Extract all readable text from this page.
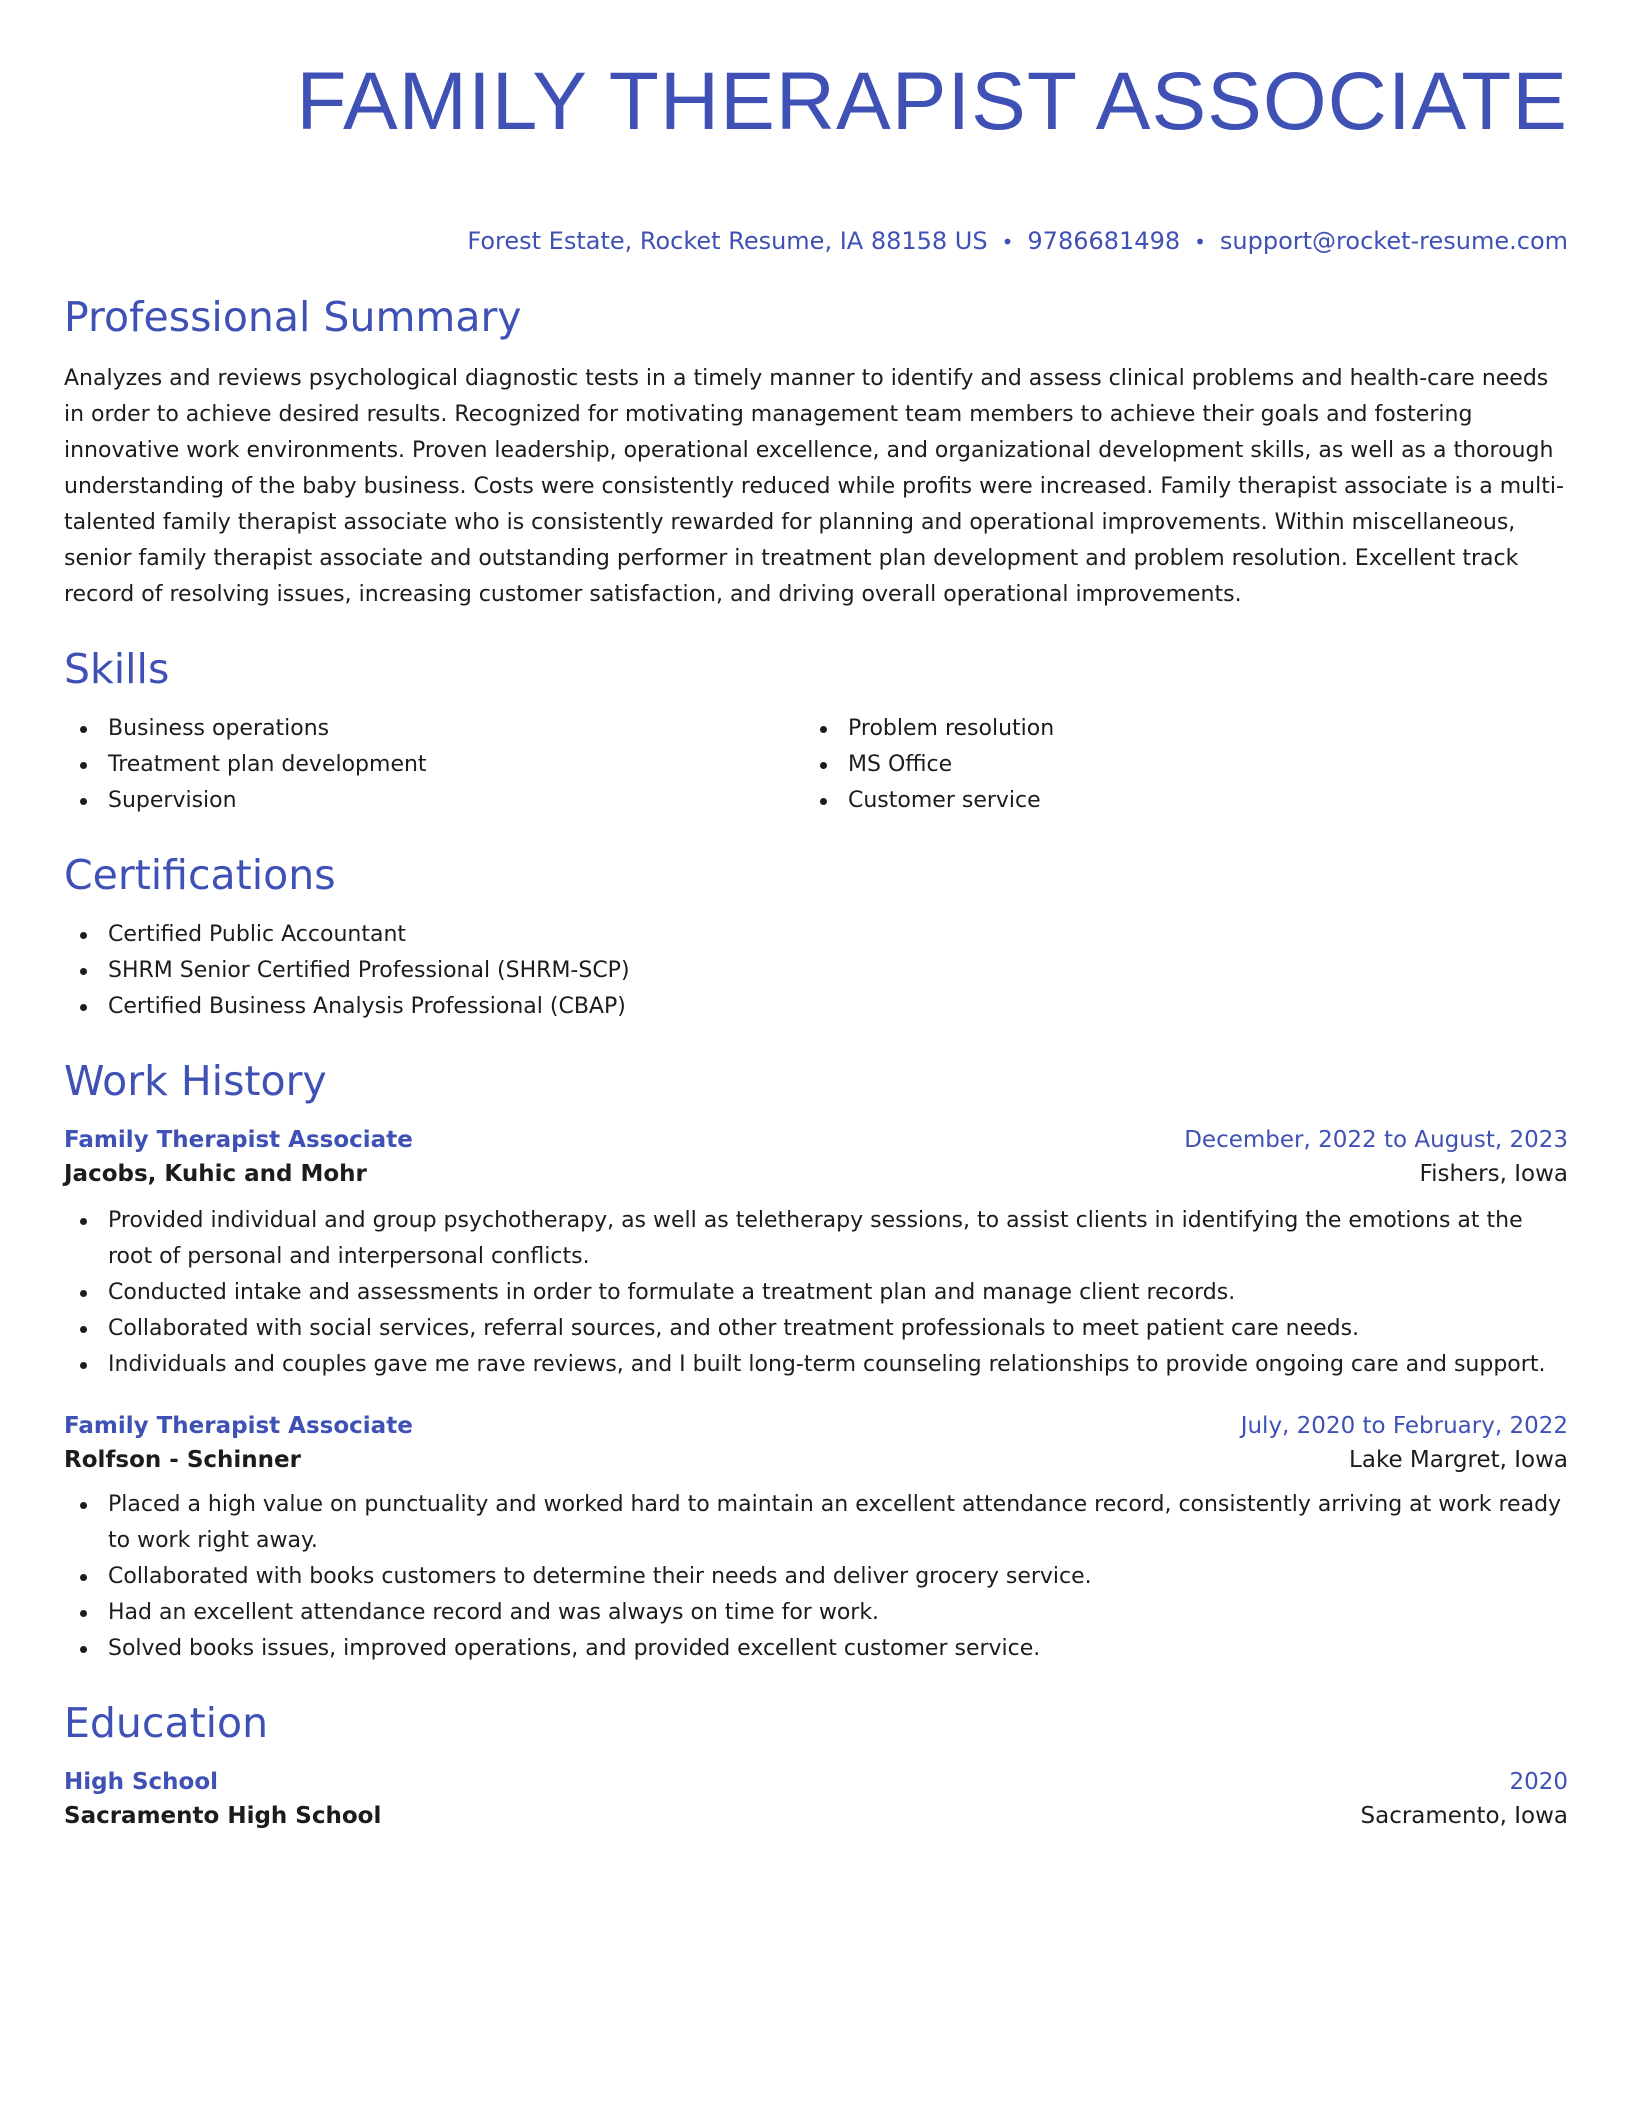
FAMILY THERAPIST ASSOCIATE
Forest Estate, Rocket Resume, IA 88158 US • 9786681498 • support@rocket-resume.com
Professional Summary

Analyzes and reviews psychological diagnostic tests in a timely manner to identify and assess clinical problems and health-care needs in order to achieve desired results. Recognized for motivating management team members to achieve their goals and fostering innovative work environments. Proven leadership, operational excellence, and organizational development skills, as well as a thorough understanding of the baby business. Costs were consistently reduced while profits were increased. Family therapist associate is a multi-talented family therapist associate who is consistently rewarded for planning and operational improvements. Within miscellaneous, senior family therapist associate and outstanding performer in treatment plan development and problem resolution. Excellent track record of resolving issues, increasing customer satisfaction, and driving overall operational improvements.

Skills
Business operations
Treatment plan development
Supervision
Problem resolution
MS Office
Customer service
Certifications
Certified Public Accountant
SHRM Senior Certified Professional (SHRM-SCP)
Certified Business Analysis Professional (CBAP)
Work History
Family Therapist Associate	December, 2022 to August, 2023
Jacobs, Kuhic and Mohr	Fishers, Iowa
Provided individual and group psychotherapy, as well as teletherapy sessions, to assist clients in identifying the emotions at the root of personal and interpersonal conflicts.
Conducted intake and assessments in order to formulate a treatment plan and manage client records.
Collaborated with social services, referral sources, and other treatment professionals to meet patient care needs.
Individuals and couples gave me rave reviews, and I built long-term counseling relationships to provide ongoing care and support.
Family Therapist Associate	July, 2020 to February, 2022
Rolfson - Schinner	Lake Margret, Iowa
Placed a high value on punctuality and worked hard to maintain an excellent attendance record, consistently arriving at work ready to work right away.
Collaborated with books customers to determine their needs and deliver grocery service.
Had an excellent attendance record and was always on time for work.
Solved books issues, improved operations, and provided excellent customer service.
Education
High School	2020
Sacramento High School	Sacramento, Iowa
